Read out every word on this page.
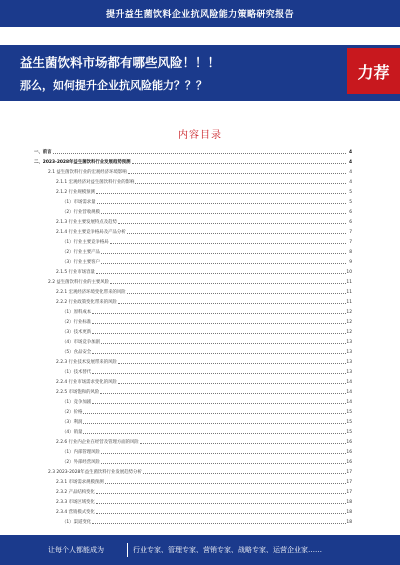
提升益生菌饮料企业抗风险能力策略研究报告
益生菌饮料市场都有哪些风险！！！
那么，如何提升企业抗风险能力？？？
力荐
内容目录
一、前言	4
二、2023-2028年益生菌饮料行业发展趋势预测	4
2.1 益生菌饮料行业的宏观经济环境影响	4
2.1.1 宏观经济对益生菌饮料行业的影响	4
2.1.2 行业规模预测	5
（1）市场需求量	5
（2）行业营收规模	6
2.1.3 行业主要发展特点及趋势	6
2.1.4 行业主要竞争格局及产品分析	7
（1）行业主要竞争格局	7
（2）行业主要产品	8
（3）行业主要客户	9
2.1.5 行业市场容量	10
2.2 益生菌饮料行业的主要风险	11
2.2.1 宏观经济环境变化带来的风险	11
2.2.2 行业政策变化带来的风险	11
（1）原料成本	12
（2）行业标准	12
（3）技术更新	12
（4）市场竞争加剧	13
（5）食品安全	13
2.2.3 行业技术发展带来的风险	13
（1）技术替代	13
2.2.4 行业市场需求变化的风险	14
2.2.5 市场饱和的风险	14
（1）竞争加剧	14
（2）价格	15
（3）利润	15
（4）销量	15
2.2.6 行业内企业在经营及管理方面的风险	16
（1）内部管理风险	16
（2）外部经营风险	16
2.3 2023-2028年益生菌饮料行业发展趋势分析	17
2.3.1 市场需求规模预测	17
2.3.2 产品结构变化	17
2.3.3 市场区域变化	18
2.3.4 营销模式变化	18
（1）渠道变化	18
让每个人都能成为	行业专家、管理专家、营销专家、战略专家、运营企业家……
